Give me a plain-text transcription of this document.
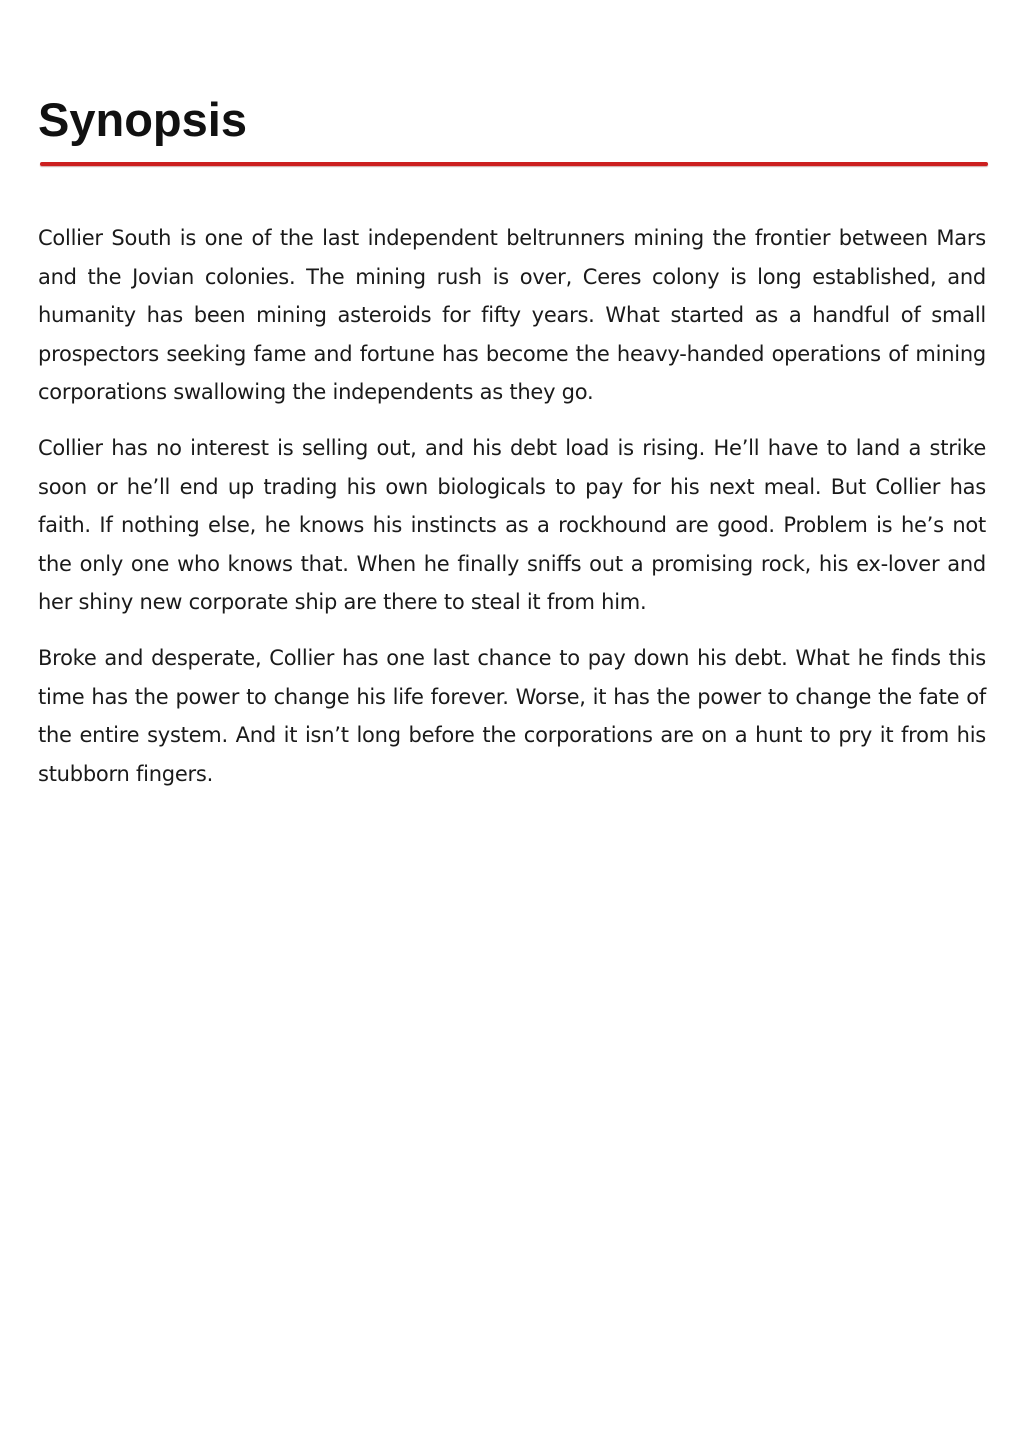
Synopsis

Collier South is one of the last independent beltrunners mining the frontier between Mars and the Jovian colonies. The mining rush is over, Ceres colony is long established, and humanity has been mining asteroids for fifty years. What started as a handful of small prospectors seeking fame and fortune has become the heavy-handed operations of mining corporations swallowing the independents as they go.

Collier has no interest is selling out, and his debt load is rising. He’ll have to land a strike soon or he’ll end up trading his own biologicals to pay for his next meal. But Collier has faith. If nothing else, he knows his instincts as a rockhound are good. Problem is he’s not the only one who knows that. When he finally sniffs out a promising rock, his ex-lover and her shiny new corporate ship are there to steal it from him.

Broke and desperate, Collier has one last chance to pay down his debt. What he finds this time has the power to change his life forever. Worse, it has the power to change the fate of the entire system. And it isn’t long before the corporations are on a hunt to pry it from his stubborn fingers.
